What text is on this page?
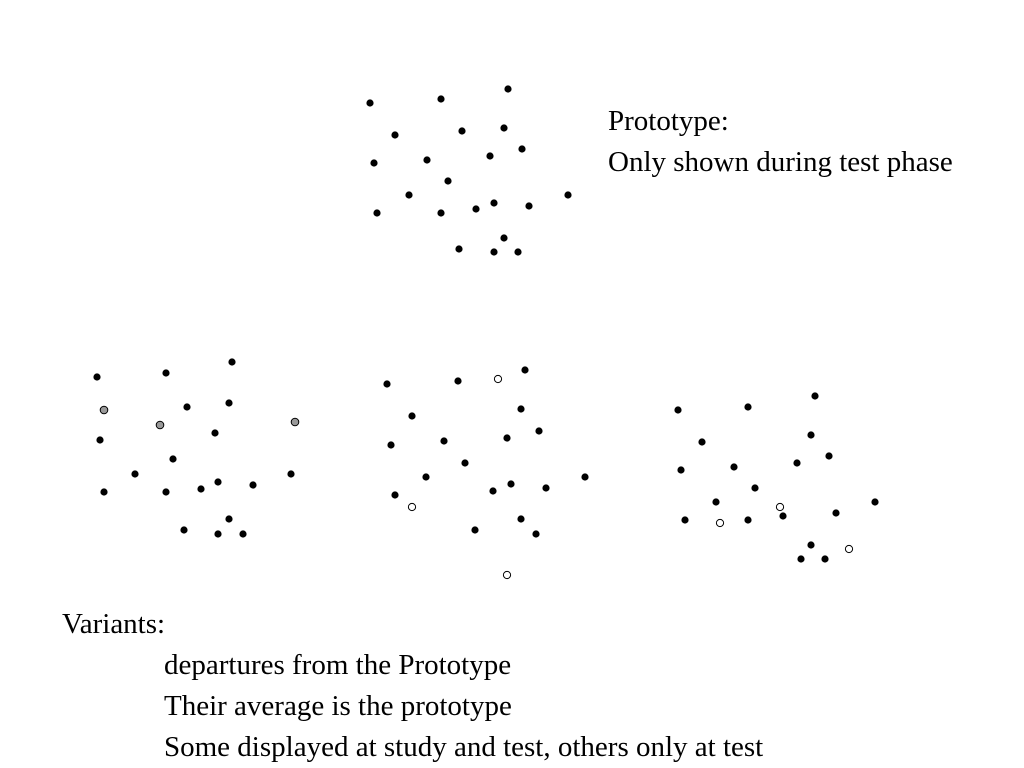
Prototype:
Only shown during test phase
Variants:
departures from the Prototype
Their average is the prototype
Some displayed at study and test, others only at test
